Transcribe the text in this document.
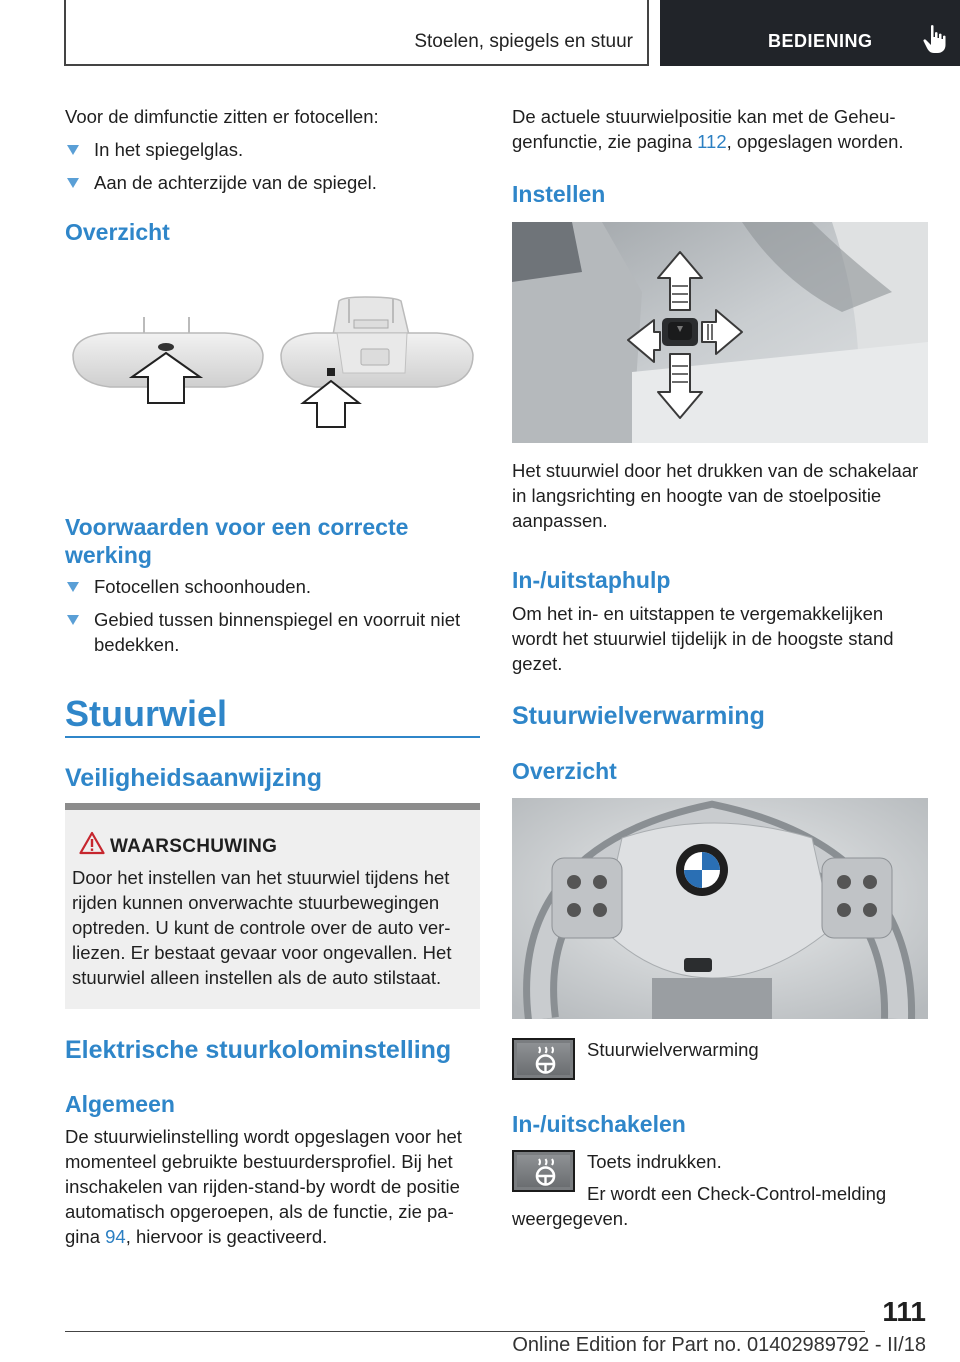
Stoelen, spiegels en stuur	BEDIENING

Voor de dimfunctie zitten er fotocellen:

In het spiegelglas.
Aan de achterzijde van de spiegel.
Overzicht
Voorwaarden voor een correcte
werking
Fotocellen schoonhouden.
Gebied tussen binnenspiegel en voorruit niet bedekken.
Stuurwiel
Veiligheidsaanwijzing
WAARSCHUWING

Door het instellen van het stuurwiel tijdens het rijden kunnen onverwachte stuurbewegingen optreden. U kunt de controle over de auto verliezen. Er bestaat gevaar voor ongevallen. Het stuurwiel alleen instellen als de auto stilstaat.

Elektrische stuurkolominstelling
Algemeen

De stuurwielinstelling wordt opgeslagen voor het momenteel gebruikte bestuurdersprofiel. Bij het inschakelen van rijden-stand-by wordt de positie automatisch opgeroepen, als de functie, zie pagina 94, hiervoor is geactiveerd.

De actuele stuurwielpositie kan met de Geheugenfunctie, zie pagina 112, opgeslagen worden.

Instellen

Het stuurwiel door het drukken van de schakelaar in langsrichting en hoogte van de stoelpositie aanpassen.

In-/uitstaphulp

Om het in- en uitstappen te vergemakkelijken wordt het stuurwiel tijdelijk in de hoogste stand gezet.

Stuurwielverwarming
Overzicht

Stuurwielverwarming

In-/uitschakelen

Toets indrukken.

Er wordt een Check-Control-melding weergegeven.

111
Online Edition for Part no. 01402989792 - II/18
